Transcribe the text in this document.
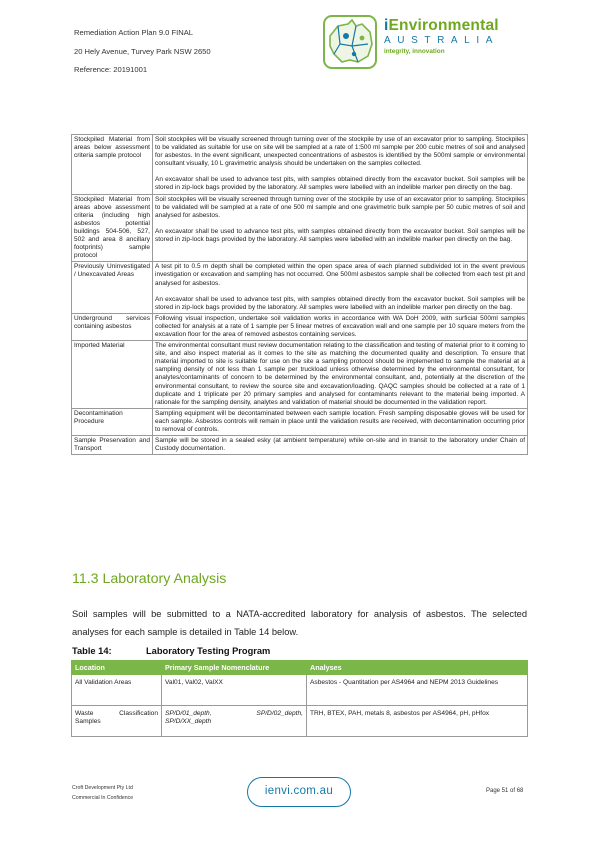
Remediation Action Plan 9.0 FINAL
20 Hely Avenue, Turvey Park NSW 2650
Reference: 20191001
iEnvironmental
AUSTRALIA
integrity, innovation
Stockpiled Material from areas below assessment criteria sample protocol	Soil stockpiles will be visually screened through turning over of the stockpile by use of an excavator prior to sampling. Stockpiles to be validated as suitable for use on site will be sampled at a rate of 1:500 ml sample per 200 cubic metres of soil and analysed for asbestos. In the event significant, unexpected concentrations of asbestos is identified by the 500ml sample or environmental consultant visually, 10 L gravimetric analysis should be undertaken on the samples collected.
An excavator shall be used to advance test pits, with samples obtained directly from the excavator bucket. Soil samples will be stored in zip-lock bags provided by the laboratory. All samples were labelled with an indelible marker pen directly on the bag.

Stockpiled Material from areas above assessment criteria (including high asbestos potential buildings 504-506, 527, 502 and area 8 ancillary footprints) sample protocol	Soil stockpiles will be visually screened through turning over of the stockpile by use of an excavator prior to sampling. Stockpiles to be validated will be sampled at a rate of one 500 ml sample and one gravimetric bulk sample per 50 cubic metres of soil and analysed for asbestos.
An excavator shall be used to advance test pits, with samples obtained directly from the excavator bucket. Soil samples will be stored in zip-lock bags provided by the laboratory. All samples were labelled with an indelible marker pen directly on the bag.

Previously Uninvestigated / Unexcavated Areas	A test pit to 0.5 m depth shall be completed within the open space area of each planned subdivided lot in the event previous investigation or excavation and sampling has not occurred. One 500ml asbestos sample shall be collected from each test pit and analysed for asbestos.
An excavator shall be used to advance test pits, with samples obtained directly from the excavator bucket. Soil samples will be stored in zip-lock bags provided by the laboratory. All samples were labelled with an indelible marker pen directly on the bag.

Underground services containing asbestos	Following visual inspection, undertake soil validation works in accordance with WA DoH 2009, with surficial 500ml samples collected for analysis at a rate of 1 sample per 5 linear metres of excavation wall and one sample per 10 square meters from the excavation floor for the area of removed asbestos containing services.

Imported Material	The environmental consultant must review documentation relating to the classification and testing of material prior to it coming to site, and also inspect material as it comes to the site as matching the documented quality and description. To ensure that material imported to site is suitable for use on the site a sampling protocol should be implemented to sample the material at a sampling density of not less than 1 sample per truckload unless otherwise determined by the environmental consultant, for analytes/contaminants of concern to be determined by the environmental consultant, and, potentially at the discretion of the environmental consultant, to review the source site and excavation/loading. QAQC samples should be collected at a rate of 1 duplicate and 1 triplicate per 20 primary samples and analysed for contaminants relevant to the material being imported. A rationale for the sampling density, analytes and validation of material should be documented in the validation report.

Decontamination Procedure	Sampling equipment will be decontaminated between each sample location. Fresh sampling disposable gloves will be used for each sample. Asbestos controls will remain in place until the validation results are received, with decontamination occurring prior to removal of controls.

Sample Preservation and Transport	Sample will be stored in a sealed esky (at ambient temperature) while on-site and in transit to the laboratory under Chain of Custody documentation.
11.3 Laboratory Analysis
Soil samples will be submitted to a NATA-accredited laboratory for analysis of asbestos. The selected analyses for each sample is detailed in Table 14 below.
Table 14:	Laboratory Testing Program
Location	Primary Sample Nomenclature	Analyses
All Validation Areas	Val01, Val02, ValXX	Asbestos - Quantitation per AS4964 and NEPM 2013 Guidelines
Waste Classification Samples	SP/D/01_depth, SP/D/02_depth, SP/D/XX_depth	TRH, BTEX, PAH, metals 8, asbestos per AS4964, pH, pHfox
Croft Development Pty Ltd
Commercial In Confidence
ienvi.com.au	Page 51 of 68
